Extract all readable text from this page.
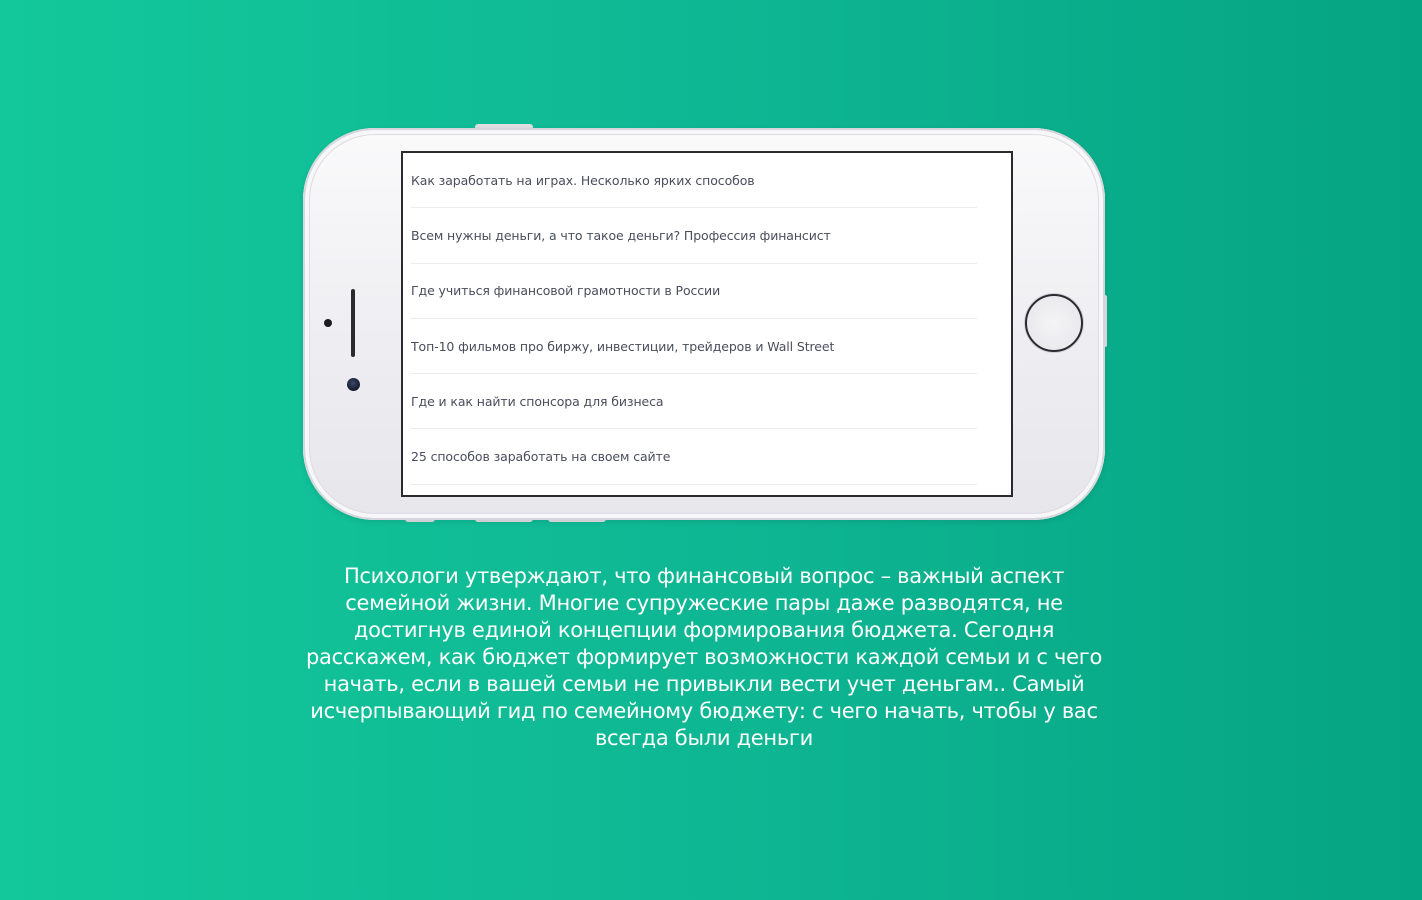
Как заработать на играх. Несколько ярких способов
Всем нужны деньги, а что такое деньги? Профессия финансист
Где учиться финансовой грамотности в России
Топ-10 фильмов про биржу, инвестиции, трейдеров и Wall Street
Где и как найти спонсора для бизнеса
25 способов заработать на своем сайте

Психологи утверждают, что финансовый вопрос – важный аспект семейной жизни. Многие супружеские пары даже разводятся, не достигнув единой концепции формирования бюджета. Сегодня расскажем, как бюджет формирует возможности каждой семьи и с чего начать, если в вашей семьи не привыкли вести учет деньгам.. Самый исчерпывающий гид по семейному бюджету: с чего начать, чтобы у вас всегда были деньги
